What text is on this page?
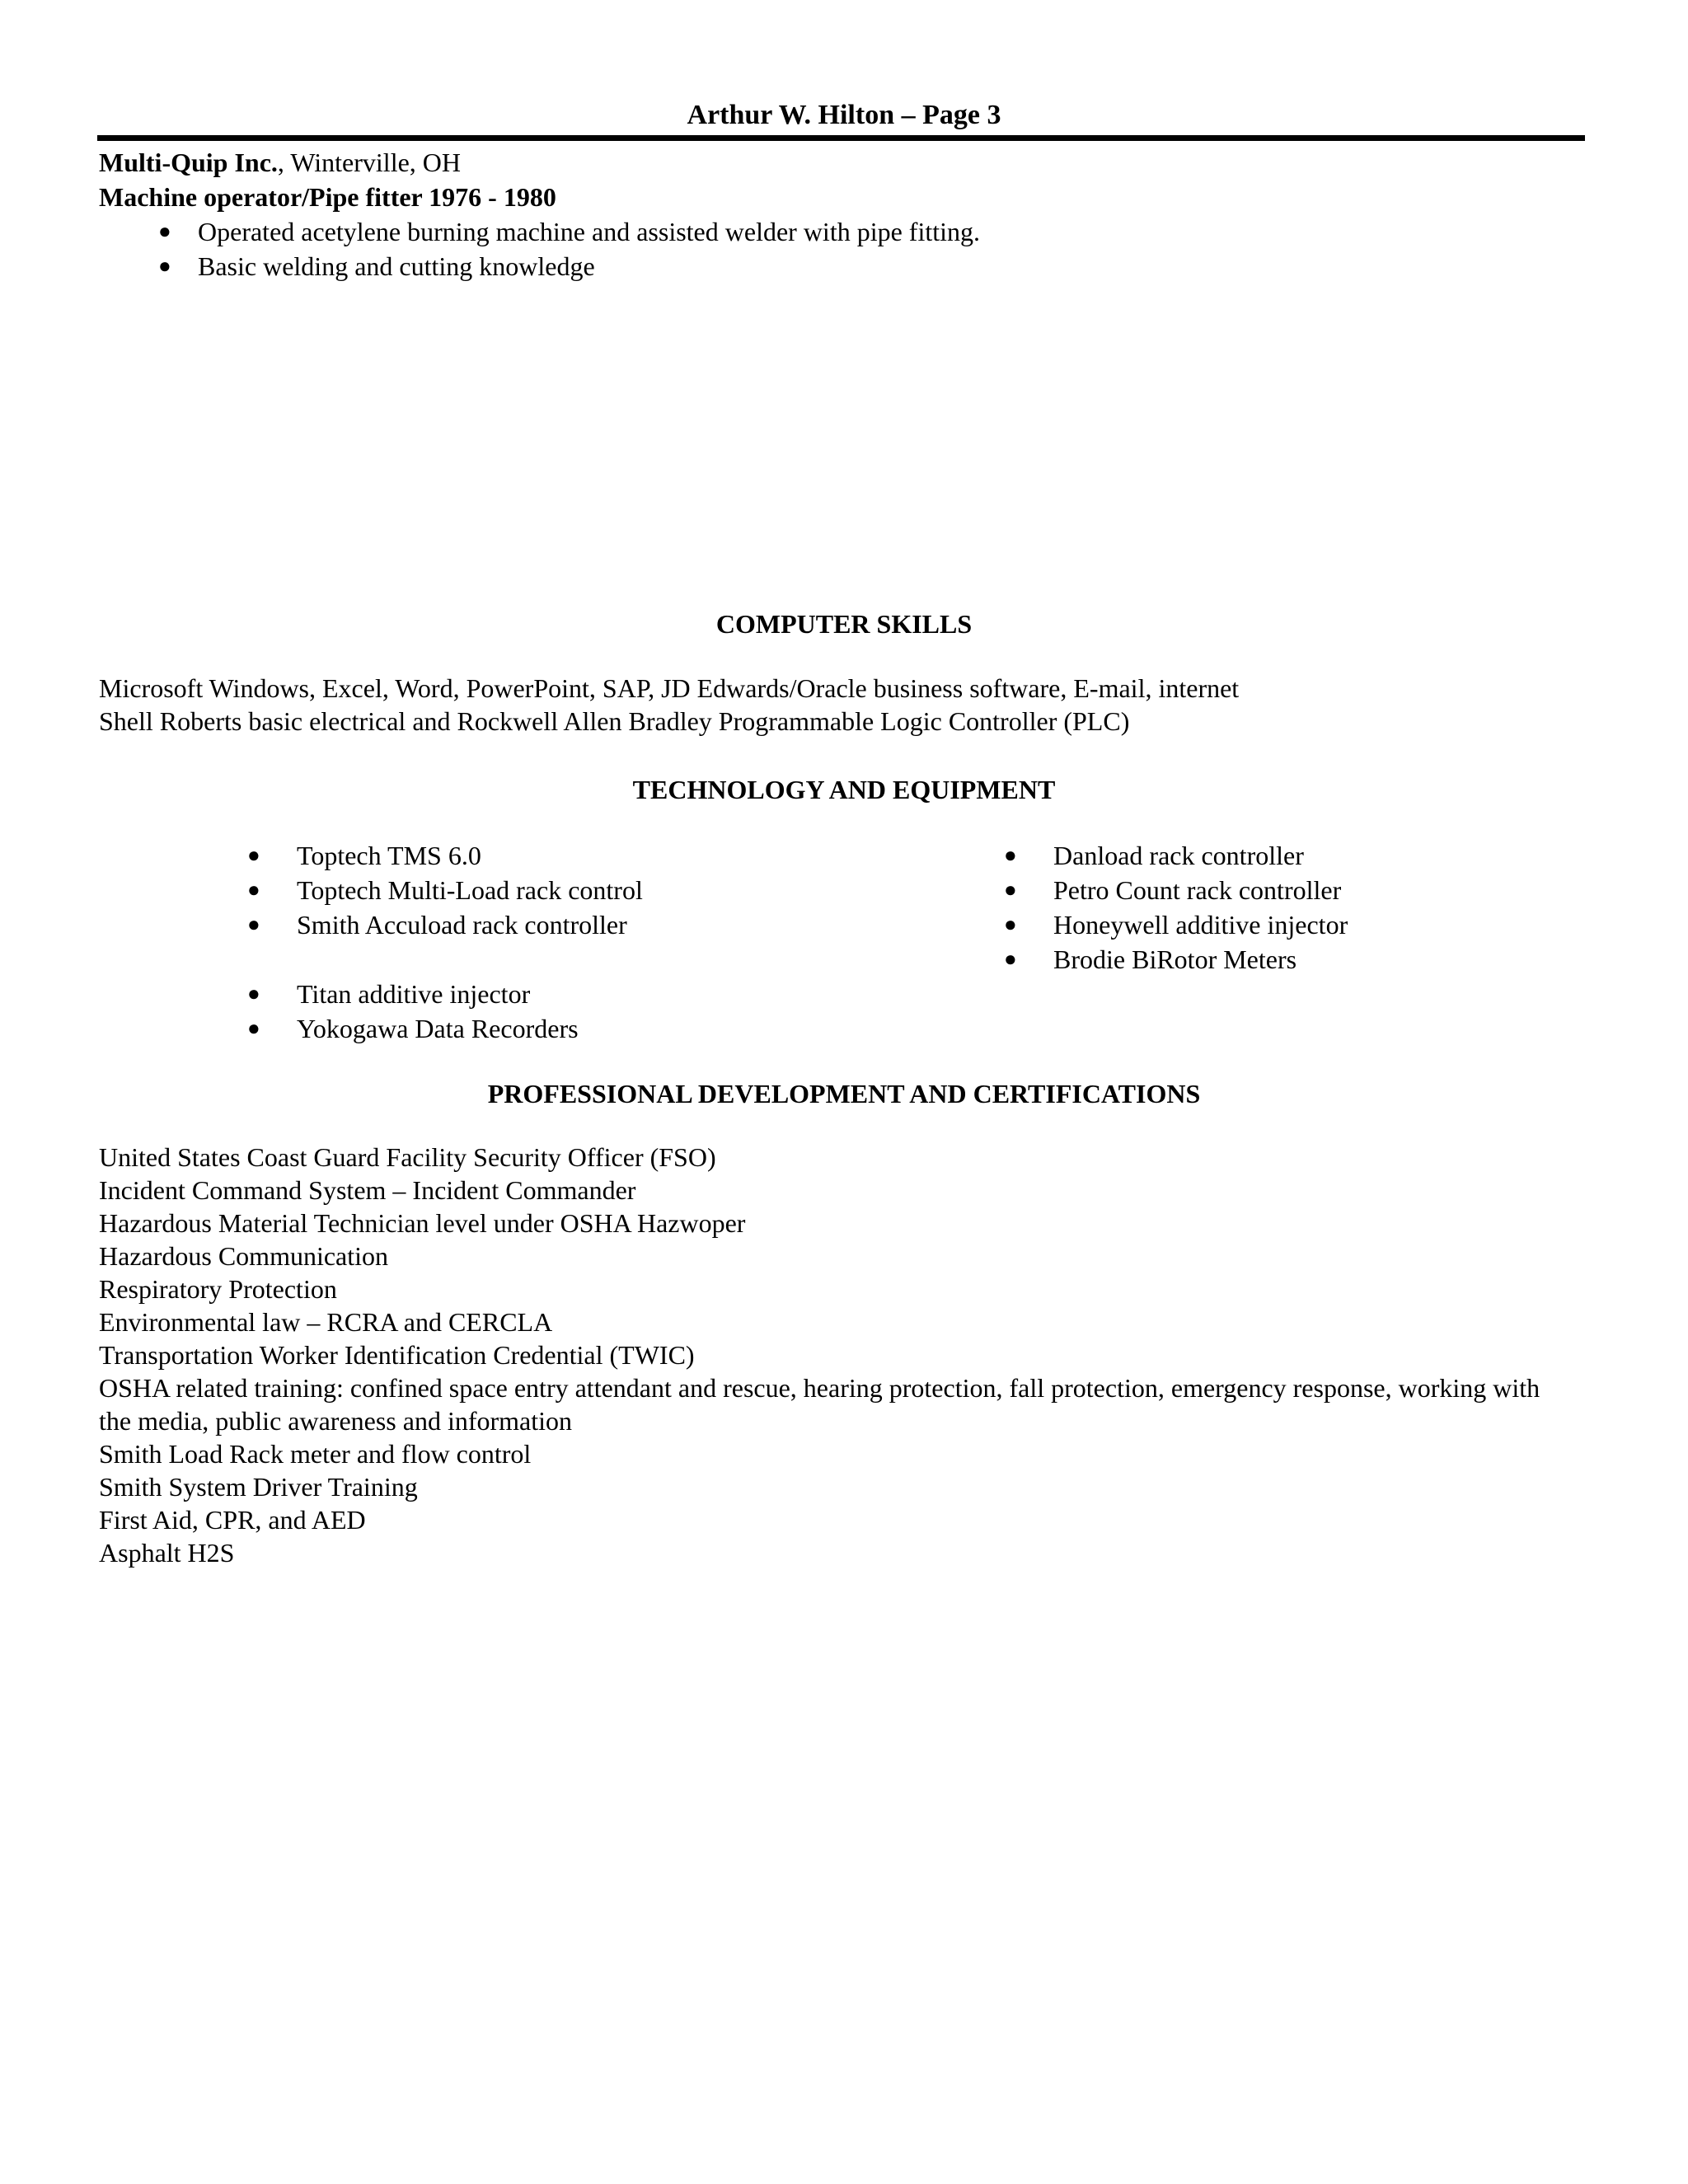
Arthur W. Hilton – Page 3
Multi-Quip Inc., Winterville, OH
Machine operator/Pipe fitter 1976 - 1980
● Operated acetylene burning machine and assisted welder with pipe fitting.
● Basic welding and cutting knowledge
COMPUTER SKILLS
Microsoft Windows, Excel, Word, PowerPoint, SAP, JD Edwards/Oracle business software, E-mail, internet
Shell Roberts basic electrical and Rockwell Allen Bradley Programmable Logic Controller (PLC)
TECHNOLOGY AND EQUIPMENT
● Toptech TMS 6.0
● Toptech Multi-Load rack control
● Smith Accuload rack controller
● Titan additive injector
● Yokogawa Data Recorders
● Danload rack controller
● Petro Count rack controller
● Honeywell additive injector
● Brodie BiRotor Meters
PROFESSIONAL DEVELOPMENT AND CERTIFICATIONS
United States Coast Guard Facility Security Officer (FSO)
Incident Command System – Incident Commander
Hazardous Material Technician level under OSHA Hazwoper
Hazardous Communication
Respiratory Protection
Environmental law – RCRA and CERCLA
Transportation Worker Identification Credential (TWIC)
OSHA related training: confined space entry attendant and rescue, hearing protection, fall protection, emergency response, working with the media, public awareness and information
Smith Load Rack meter and flow control
Smith System Driver Training
First Aid, CPR, and AED
Asphalt H2S
